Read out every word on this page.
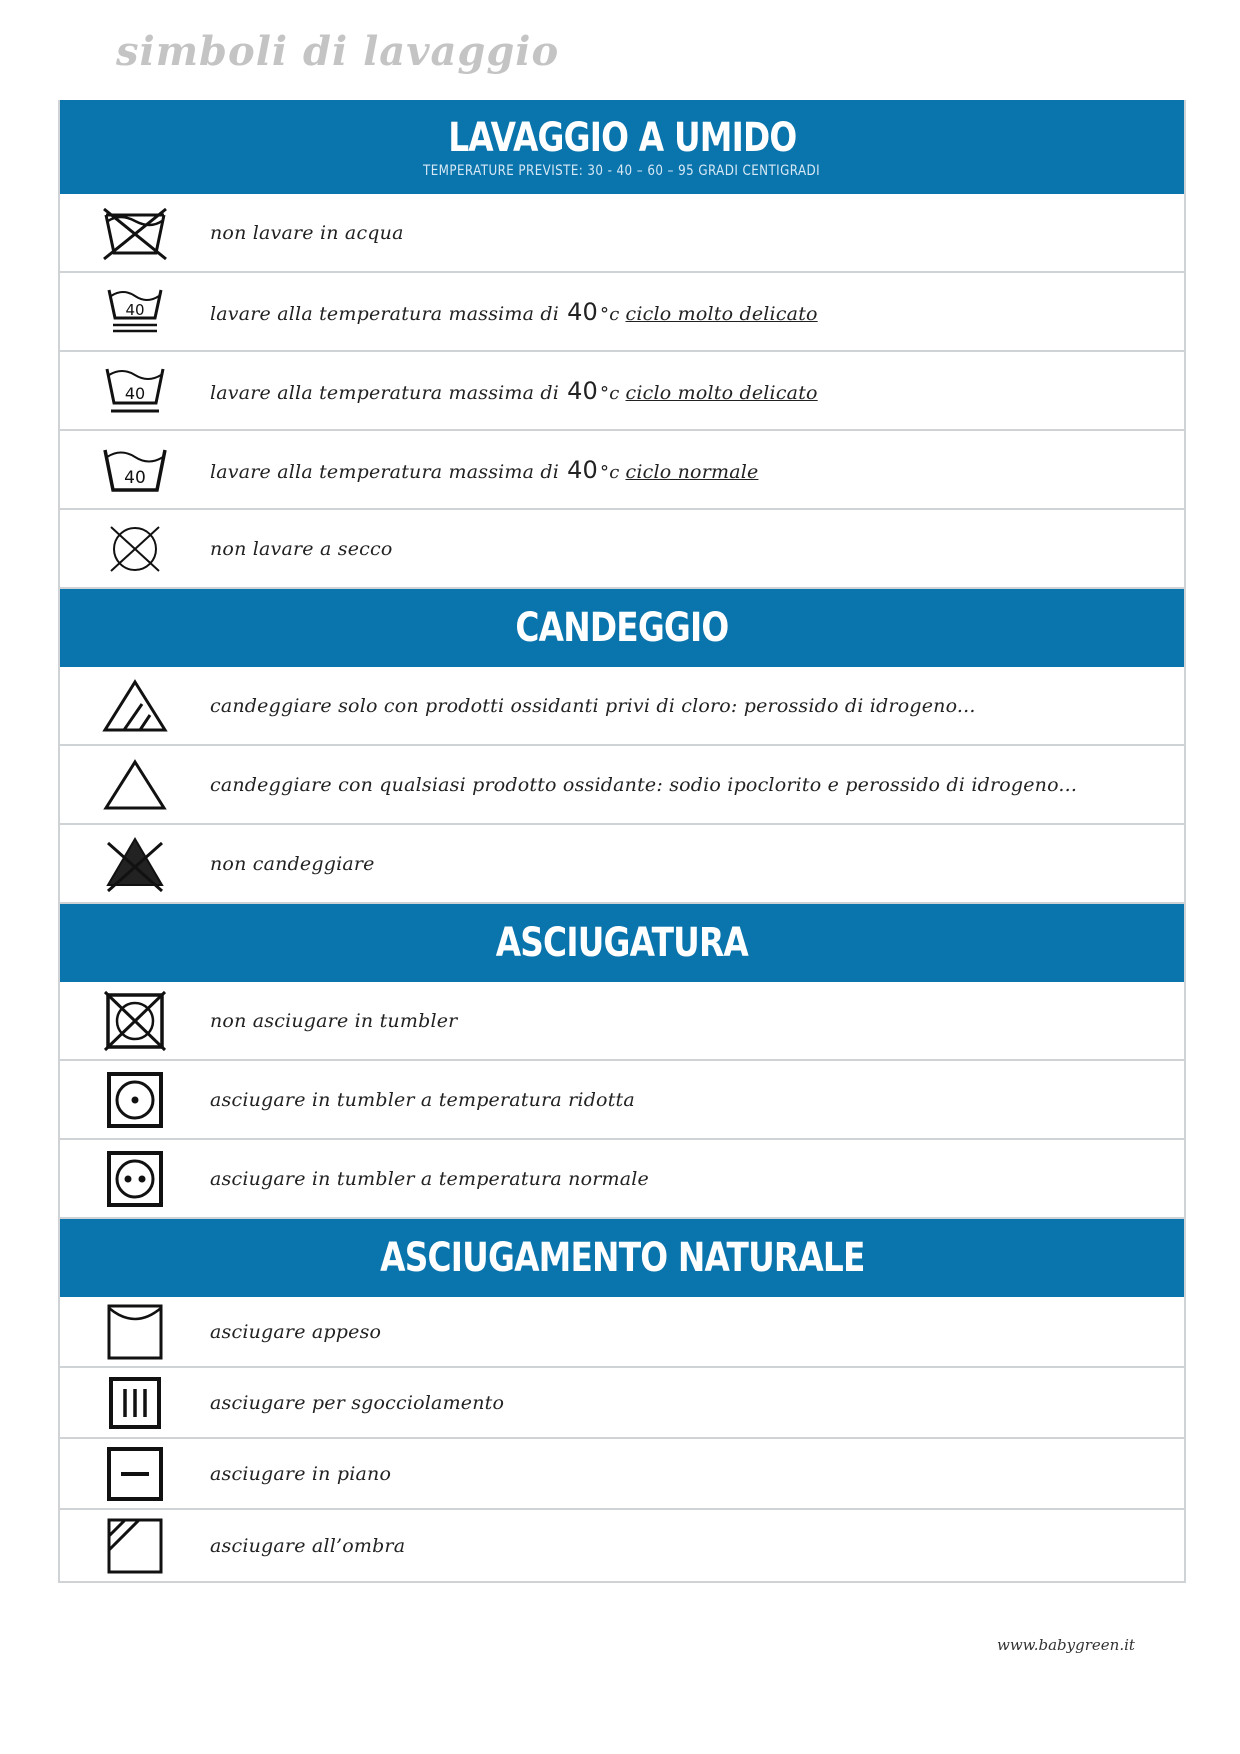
simboli di lavaggio
LAVAGGIO A UMIDO
TEMPERATURE PREVISTE: 30 - 40 – 60 – 95 GRADI CENTIGRADI
non lavare in acqua
40	lavare alla temperatura massima di 40 °c ciclo molto delicato
40	lavare alla temperatura massima di 40 °c ciclo molto delicato
40	lavare alla temperatura massima di 40 °c ciclo normale
non lavare a secco
CANDEGGIO
candeggiare solo con prodotti ossidanti privi di cloro: perossido di idrogeno...
candeggiare con qualsiasi prodotto ossidante: sodio ipoclorito e perossido di idrogeno...
non candeggiare
ASCIUGATURA
non asciugare in tumbler
asciugare in tumbler a temperatura ridotta
asciugare in tumbler a temperatura normale
ASCIUGAMENTO NATURALE
asciugare appeso
asciugare per sgocciolamento
asciugare in piano
asciugare all’ombra
www.babygreen.it
